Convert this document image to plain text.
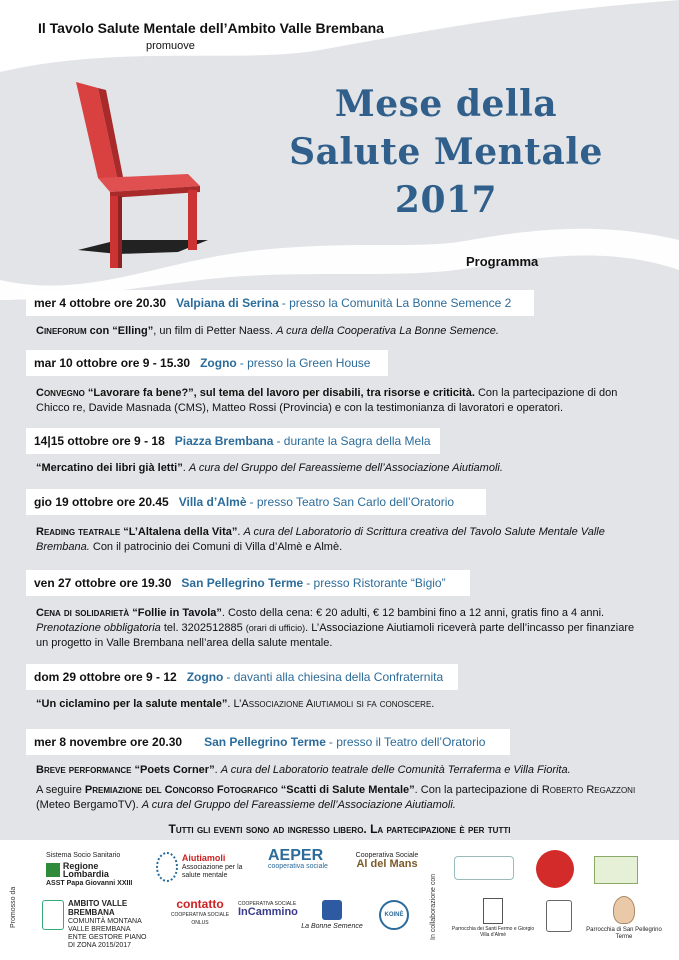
Il Tavolo Salute Mentale dell’Ambito Valle Brembana
promuove
Mese della
Salute Mentale
2017
Programma
mer 4 ottobre ore 20.30 Valpiana di Serina - presso la Comunità La Bonne Semence 2
Cineforum con “Elling”, un film di Petter Naess. A cura della Cooperativa La Bonne Semence.
mar 10 ottobre ore 9 - 15.30 Zogno - presso la Green House
Convegno “Lavorare fa bene?”, sul tema del lavoro per disabili, tra risorse e criticità. Con la partecipazione di don Chicco re, Davide Masnada (CMS), Matteo Rossi (Provincia) e con la testimonianza di lavoratori e operatori.
14|15 ottobre ore 9 - 18 Piazza Brembana - durante la Sagra della Mela
“Mercatino dei libri già letti”. A cura del Gruppo del Fareassieme dell’Associazione Aiutiamoli.
gio 19 ottobre ore 20.45 Villa d’Almè - presso Teatro San Carlo dell’Oratorio
Reading teatrale “L’Altalena della Vita”. A cura del Laboratorio di Scrittura creativa del Tavolo Salute Mentale Valle Brembana. Con il patrocinio dei Comuni di Villa d’Almè e Almè.
ven 27 ottobre ore 19.30 San Pellegrino Terme - presso Ristorante “Bigio”
Cena di solidarietà “Follie in Tavola”. Costo della cena: € 20 adulti, € 12 bambini fino a 12 anni, gratis fino a 4 anni. Prenotazione obbligatoria tel. 3202512885 (orari di ufficio). L’Associazione Aiutiamoli riceverà parte dell’incasso per finanziare un progetto in Valle Brembana nell’area della salute mentale.
dom 29 ottobre ore 9 - 12 Zogno - davanti alla chiesina della Confraternita
“Un ciclamino per la salute mentale”. L’Associazione Aiutiamoli si fa conoscere.
mer 8 novembre ore 20.30	San Pellegrino Terme - presso il Teatro dell’Oratorio
Breve performance “Poets Corner”. A cura del Laboratorio teatrale delle Comunità Terraferma e Villa Fiorita.
A seguire Premiazione del Concorso Fotografico “Scatti di Salute Mentale”. Con la partecipazione di Roberto Regazzoni (Meteo BergamoTV). A cura del Gruppo del Fareassieme dell’Associazione Aiutiamoli.
Tutti gli eventi sono ad ingresso libero. La partecipazione è per tutti
Promosso da	In collaborazione con
Sistema Socio Sanitario
Regione Lombardia
ASST Papa Giovanni XXIII
Aiutiamoli
Associazione per la salute mentale
AEPER
cooperativa sociale
Cooperativa Sociale
Al del Mans
AMBITO VALLE BREMBANA
COMUNITÀ MONTANA
VALLE BREMBANA
ENTE GESTORE PIANO DI ZONA 2015/2017
contatto
COOPERATIVA SOCIALE ONLUS
COOPERATIVA SOCIALE
InCammino
La Bonne Semence
KOINÈ
Parrocchia dei Santi Fermo e Giorgio Villa d’Almè
Parrocchia di San Pellegrino Terme
